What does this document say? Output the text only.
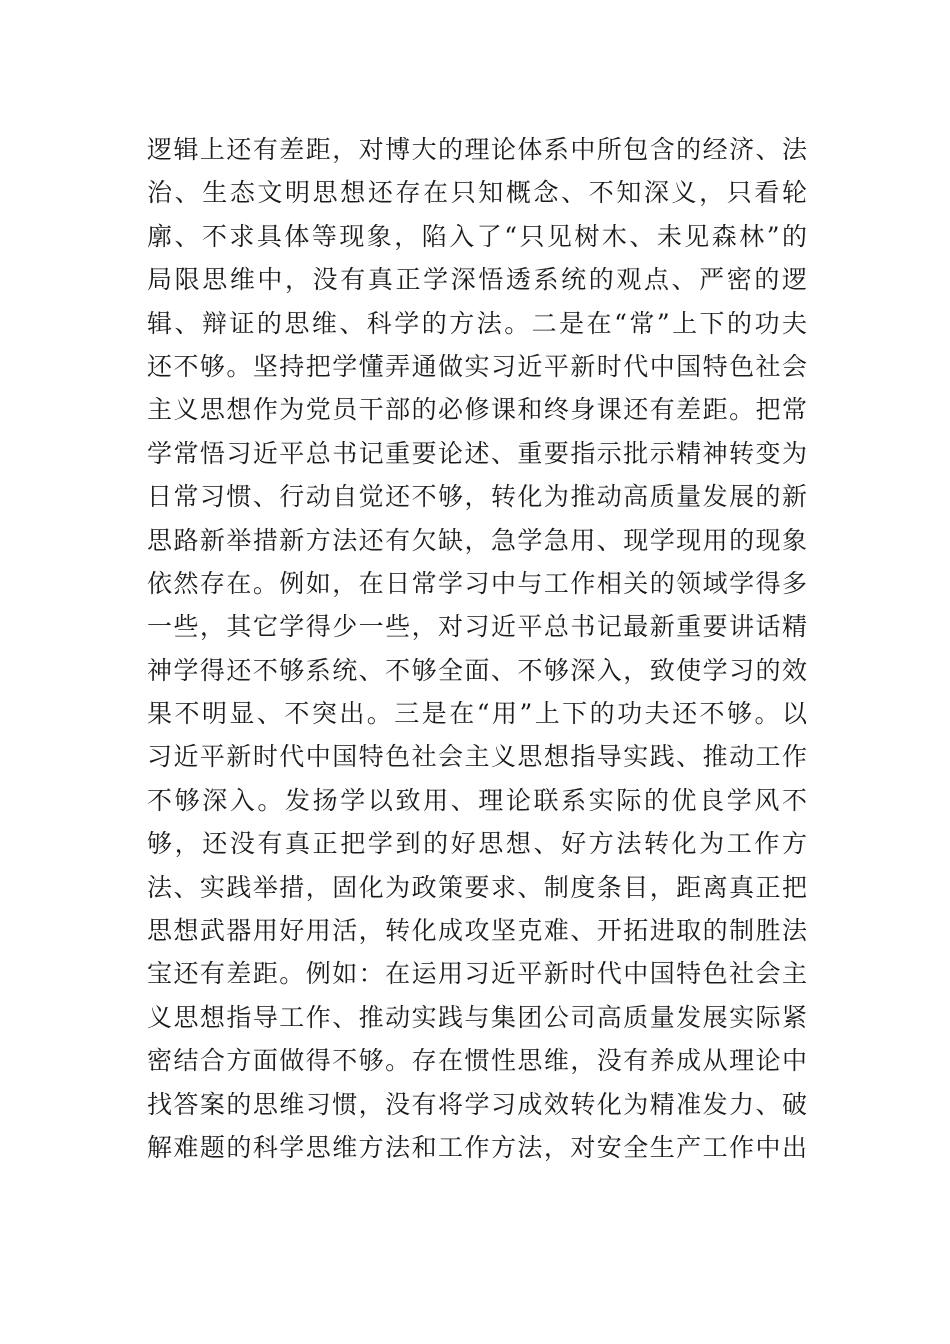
逻辑上还有差距，对博大的理论体系中所包含的经济、法
治、生态文明思想还存在只知概念、不知深义，只看轮
廓、不求具体等现象，陷入了“只见树木、未见森林”的
局限思维中，没有真正学深悟透系统的观点、严密的逻
辑、辩证的思维、科学的方法。二是在“常”上下的功夫
还不够。坚持把学懂弄通做实习近平新时代中国特色社会
主义思想作为党员干部的必修课和终身课还有差距。把常
学常悟习近平总书记重要论述、重要指示批示精神转变为
日常习惯、行动自觉还不够，转化为推动高质量发展的新
思路新举措新方法还有欠缺，急学急用、现学现用的现象
依然存在。例如，在日常学习中与工作相关的领域学得多
一些，其它学得少一些，对习近平总书记最新重要讲话精
神学得还不够系统、不够全面、不够深入，致使学习的效
果不明显、不突出。三是在“用”上下的功夫还不够。以
习近平新时代中国特色社会主义思想指导实践、推动工作
不够深入。发扬学以致用、理论联系实际的优良学风不
够，还没有真正把学到的好思想、好方法转化为工作方
法、实践举措，固化为政策要求、制度条目，距离真正把
思想武器用好用活，转化成攻坚克难、开拓进取的制胜法
宝还有差距。例如：在运用习近平新时代中国特色社会主
义思想指导工作、推动实践与集团公司高质量发展实际紧
密结合方面做得不够。存在惯性思维，没有养成从理论中
找答案的思维习惯，没有将学习成效转化为精准发力、破
解难题的科学思维方法和工作方法，对安全生产工作中出
